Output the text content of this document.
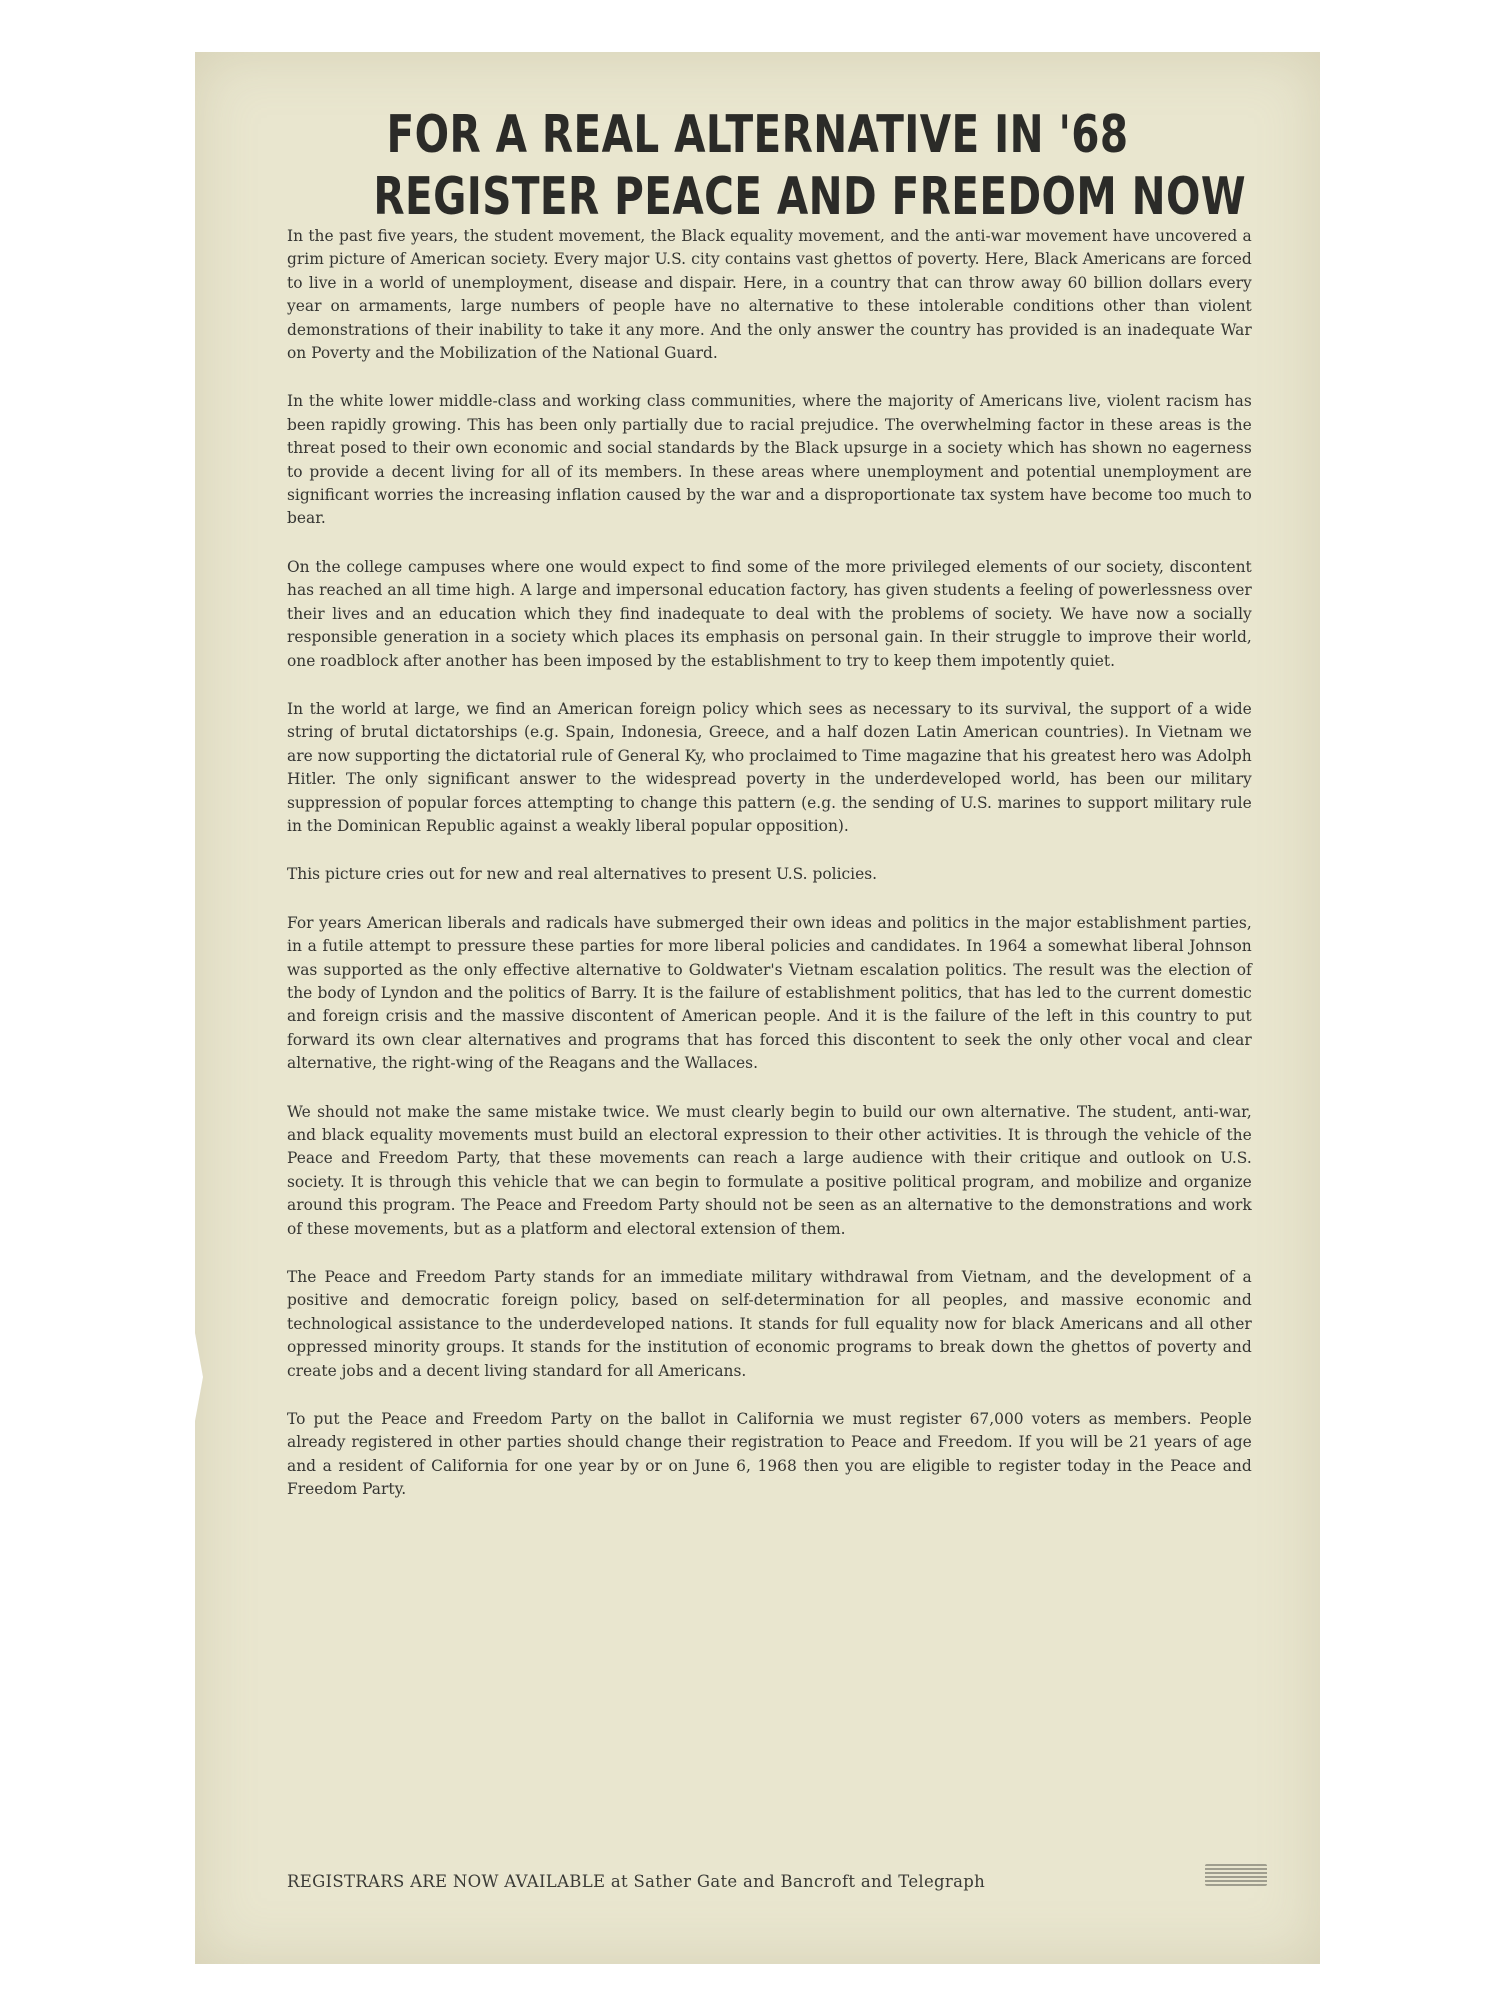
FOR A REAL ALTERNATIVE IN '68
REGISTER PEACE AND FREEDOM NOW

In the past five years, the student movement, the Black equality movement, and the anti-war movement have uncovered a grim picture of American society. Every major U.S. city contains vast ghettos of poverty. Here, Black Americans are forced to live in a world of unemployment, disease and dispair. Here, in a country that can throw away 60 billion dollars every year on armaments, large numbers of people have no alternative to these intolerable conditions other than violent demonstrations of their inability to take it any more. And the only answer the country has provided is an inadequate War on Poverty and the Mobilization of the National Guard.

In the white lower middle-class and working class communities, where the majority of Americans live, violent racism has been rapidly growing. This has been only partially due to racial prejudice. The overwhelming factor in these areas is the threat posed to their own economic and social standards by the Black upsurge in a society which has shown no eagerness to provide a decent living for all of its members. In these areas where unemployment and potential unemployment are significant worries the increasing inflation caused by the war and a disproportionate tax system have become too much to bear.

On the college campuses where one would expect to find some of the more privileged elements of our society, discontent has reached an all time high. A large and impersonal education factory, has given students a feeling of powerlessness over their lives and an education which they find inadequate to deal with the problems of society. We have now a socially responsible generation in a society which places its emphasis on personal gain. In their struggle to improve their world, one roadblock after another has been imposed by the establishment to try to keep them impotently quiet.

In the world at large, we find an American foreign policy which sees as necessary to its survival, the support of a wide string of brutal dictatorships (e.g. Spain, Indonesia, Greece, and a half dozen Latin American countries). In Vietnam we are now supporting the dictatorial rule of General Ky, who proclaimed to Time magazine that his greatest hero was Adolph Hitler. The only significant answer to the widespread poverty in the underdeveloped world, has been our military suppression of popular forces attempting to change this pattern (e.g. the sending of U.S. marines to support military rule in the Dominican Republic against a weakly liberal popular opposition).

This picture cries out for new and real alternatives to present U.S. policies.

For years American liberals and radicals have submerged their own ideas and politics in the major establishment parties, in a futile attempt to pressure these parties for more liberal policies and candidates. In 1964 a somewhat liberal Johnson was supported as the only effective alternative to Goldwater's Vietnam escalation politics. The result was the election of the body of Lyndon and the politics of Barry. It is the failure of establishment politics, that has led to the current domestic and foreign crisis and the massive discontent of American people. And it is the failure of the left in this country to put forward its own clear alternatives and programs that has forced this discontent to seek the only other vocal and clear alternative, the right-wing of the Reagans and the Wallaces.

We should not make the same mistake twice. We must clearly begin to build our own alternative. The student, anti-war, and black equality movements must build an electoral expression to their other activities. It is through the vehicle of the Peace and Freedom Party, that these movements can reach a large audience with their critique and outlook on U.S. society. It is through this vehicle that we can begin to formulate a positive political program, and mobilize and organize around this program. The Peace and Freedom Party should not be seen as an alternative to the demonstrations and work of these movements, but as a platform and electoral extension of them.

The Peace and Freedom Party stands for an immediate military withdrawal from Vietnam, and the development of a positive and democratic foreign policy, based on self-determination for all peoples, and massive economic and technological assistance to the underdeveloped nations. It stands for full equality now for black Americans and all other oppressed minority groups. It stands for the institution of economic programs to break down the ghettos of poverty and create jobs and a decent living standard for all Americans.

To put the Peace and Freedom Party on the ballot in California we must register 67,000 voters as members. People already registered in other parties should change their registration to Peace and Freedom. If you will be 21 years of age and a resident of California for one year by or on June 6, 1968 then you are eligible to register today in the Peace and Freedom Party.

REGISTRARS ARE NOW AVAILABLE at Sather Gate and Bancroft and Telegraph
